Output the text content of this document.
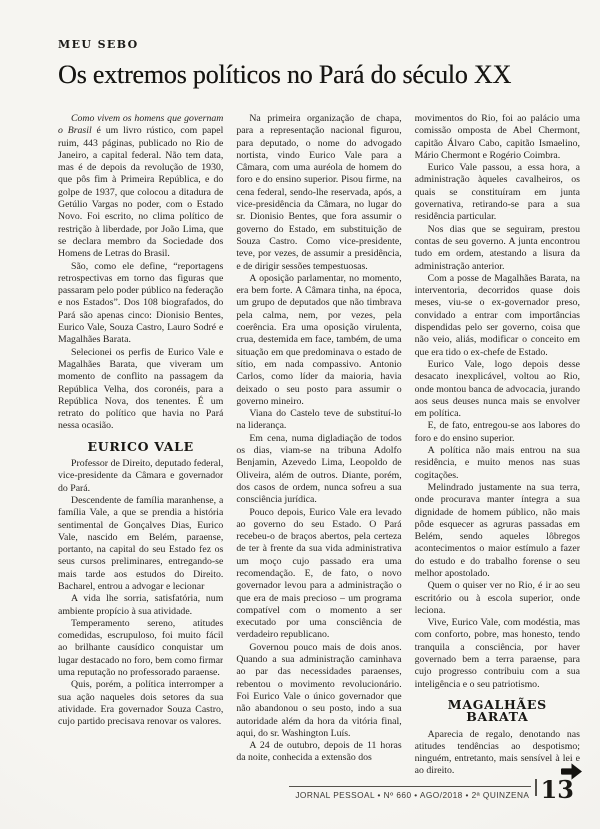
MEU SEBO
Os extremos políticos no Pará do século XX

Como vivem os homens que governam o Brasil é um livro rústico, com papel ruim, 443 páginas, publicado no Rio de Janeiro, a capital federal. Não tem data, mas é de depois da revolução de 1930, que pôs fim à Primeira República, e do golpe de 1937, que colocou a ditadura de Getúlio Vargas no poder, com o Estado Novo. Foi escrito, no clima político de restrição à liberdade, por João Lima, que se declara membro da Sociedade dos Homens de Letras do Brasil.

São, como ele define, “reportagens retrospectivas em torno das figuras que passaram pelo poder público na federação e nos Estados”. Dos 108 biografados, do Pará são apenas cinco: Dionisio Bentes, Eurico Vale, Souza Castro, Lauro Sodré e Magalhães Barata.

Selecionei os perfis de Eurico Vale e Magalhães Barata, que viveram um momento de conflito na passagem da República Velha, dos coronéis, para a República Nova, dos tenentes. É um retrato do político que havia no Pará nessa ocasião.

EURICO VALE

Professor de Direito, deputado federal, vice-presidente da Câmara e governador do Pará.

Descendente de família maranhense, a família Vale, a que se prendia a história sentimental de Gonçalves Dias, Eurico Vale, nascido em Belém, paraense, portanto, na capital do seu Estado fez os seus cursos preliminares, entregando-se mais tarde aos estudos do Direito. Bacharel, entrou a advogar e lecionar

A vida lhe sorria, satisfatória, num ambiente propício à sua atividade.

Temperamento sereno, atitudes comedidas, escrupuloso, foi muito fácil ao brilhante causídico conquistar um lugar destacado no foro, bem como firmar uma reputação no professorado paraense.

Quis, porém, a política interromper a sua ação naqueles dois setores da sua atividade. Era governador Souza Castro, cujo partido precisava renovar os valores.

Na primeira organização de chapa, para a representação nacional figurou, para deputado, o nome do advogado nortista, vindo Eurico Vale para a Câmara, com uma auréola de homem do foro e do ensino superior. Pisou firme, na cena federal, sendo-lhe reservada, após, a vice-presidência da Câmara, no lugar do sr. Dionisio Bentes, que fora assumir o governo do Estado, em substituição de Souza Castro. Como vice-presidente, teve, por vezes, de assumir a presidência, e de dirigir sessões tempestuosas.

A oposição parlamentar, no momento, era bem forte. A Câmara tinha, na época, um grupo de deputados que não timbrava pela calma, nem, por vezes, pela coerência. Era uma oposição virulenta, crua, destemida em face, também, de uma situação em que predominava o estado de sítio, em nada compassivo. Antonio Carlos, como líder da maioria, havia deixado o seu posto para assumir o governo mineiro.

Viana do Castelo teve de substituí-lo na liderança.

Em cena, numa digladiação de todos os dias, viam-se na tribuna Adolfo Benjamin, Azevedo Lima, Leopoldo de Oliveira, além de outros. Diante, porém, dos casos de ordem, nunca sofreu a sua consciência jurídica.

Pouco depois, Eurico Vale era levado ao governo do seu Estado. O Pará recebeu-o de braços abertos, pela certeza de ter à frente da sua vida administrativa um moço cujo passado era uma recomendação. E, de fato, o novo governador levou para a administração o que era de mais precioso – um programa compatível com o momento a ser executado por uma consciência de verdadeiro republicano.

Governou pouco mais de dois anos. Quando a sua administração caminhava ao par das necessidades paraenses, rebentou o movimento revolucionário. Foi Eurico Vale o único governador que não abandonou o seu posto, indo a sua autoridade além da hora da vitória final, aqui, do sr. Washington Luís.

A 24 de outubro, depois de 11 horas da noite, conhecida a extensão dos

movimentos do Rio, foi ao palácio uma comissão omposta de Abel Chermont, capitão Álvaro Cabo, capitão Ismaelino, Mário Chermont e Rogério Coimbra.

Eurico Vale passou, a essa hora, a administração àqueles cavalheiros, os quais se constituíram em junta governativa, retirando-se para a sua residência particular.

Nos dias que se seguiram, prestou contas de seu governo. A junta encontrou tudo em ordem, atestando a lisura da administração anterior.

Com a posse de Magalhães Barata, na interventoria, decorridos quase dois meses, viu-se o ex-governador preso, convidado a entrar com importâncias dispendidas pelo ser governo, coisa que não veio, aliás, modificar o conceito em que era tido o ex-chefe de Estado.

Eurico Vale, logo depois desse desacato inexplicável, voltou ao Rio, onde montou banca de advocacia, jurando aos seus deuses nunca mais se envolver em política.

E, de fato, entregou-se aos labores do foro e do ensino superior.

A política não mais entrou na sua residência, e muito menos nas suas cogitações.

Melindrado justamente na sua terra, onde procurava manter íntegra a sua dignidade de homem público, não mais pôde esquecer as agruras passadas em Belém, sendo aqueles lôbregos acontecimentos o maior estímulo a fazer do estudo e do trabalho forense o seu melhor apostolado.

Quem o quiser ver no Rio, é ir ao seu escritório ou à escola superior, onde leciona.

Vive, Eurico Vale, com modéstia, mas com conforto, pobre, mas honesto, tendo tranquila a consciência, por haver governado bem a terra paraense, para cujo progresso contribuiu com a sua inteligência e o seu patriotismo.

MAGALHÃES BARATA

Aparecia de regalo, denotando nas atitudes tendências ao despotismo; ninguém, entretanto, mais sensível à lei e ao direito.

JORNAL PESSOAL • Nº 660 • AGO/2018 • 2ª QUINZENA 13
